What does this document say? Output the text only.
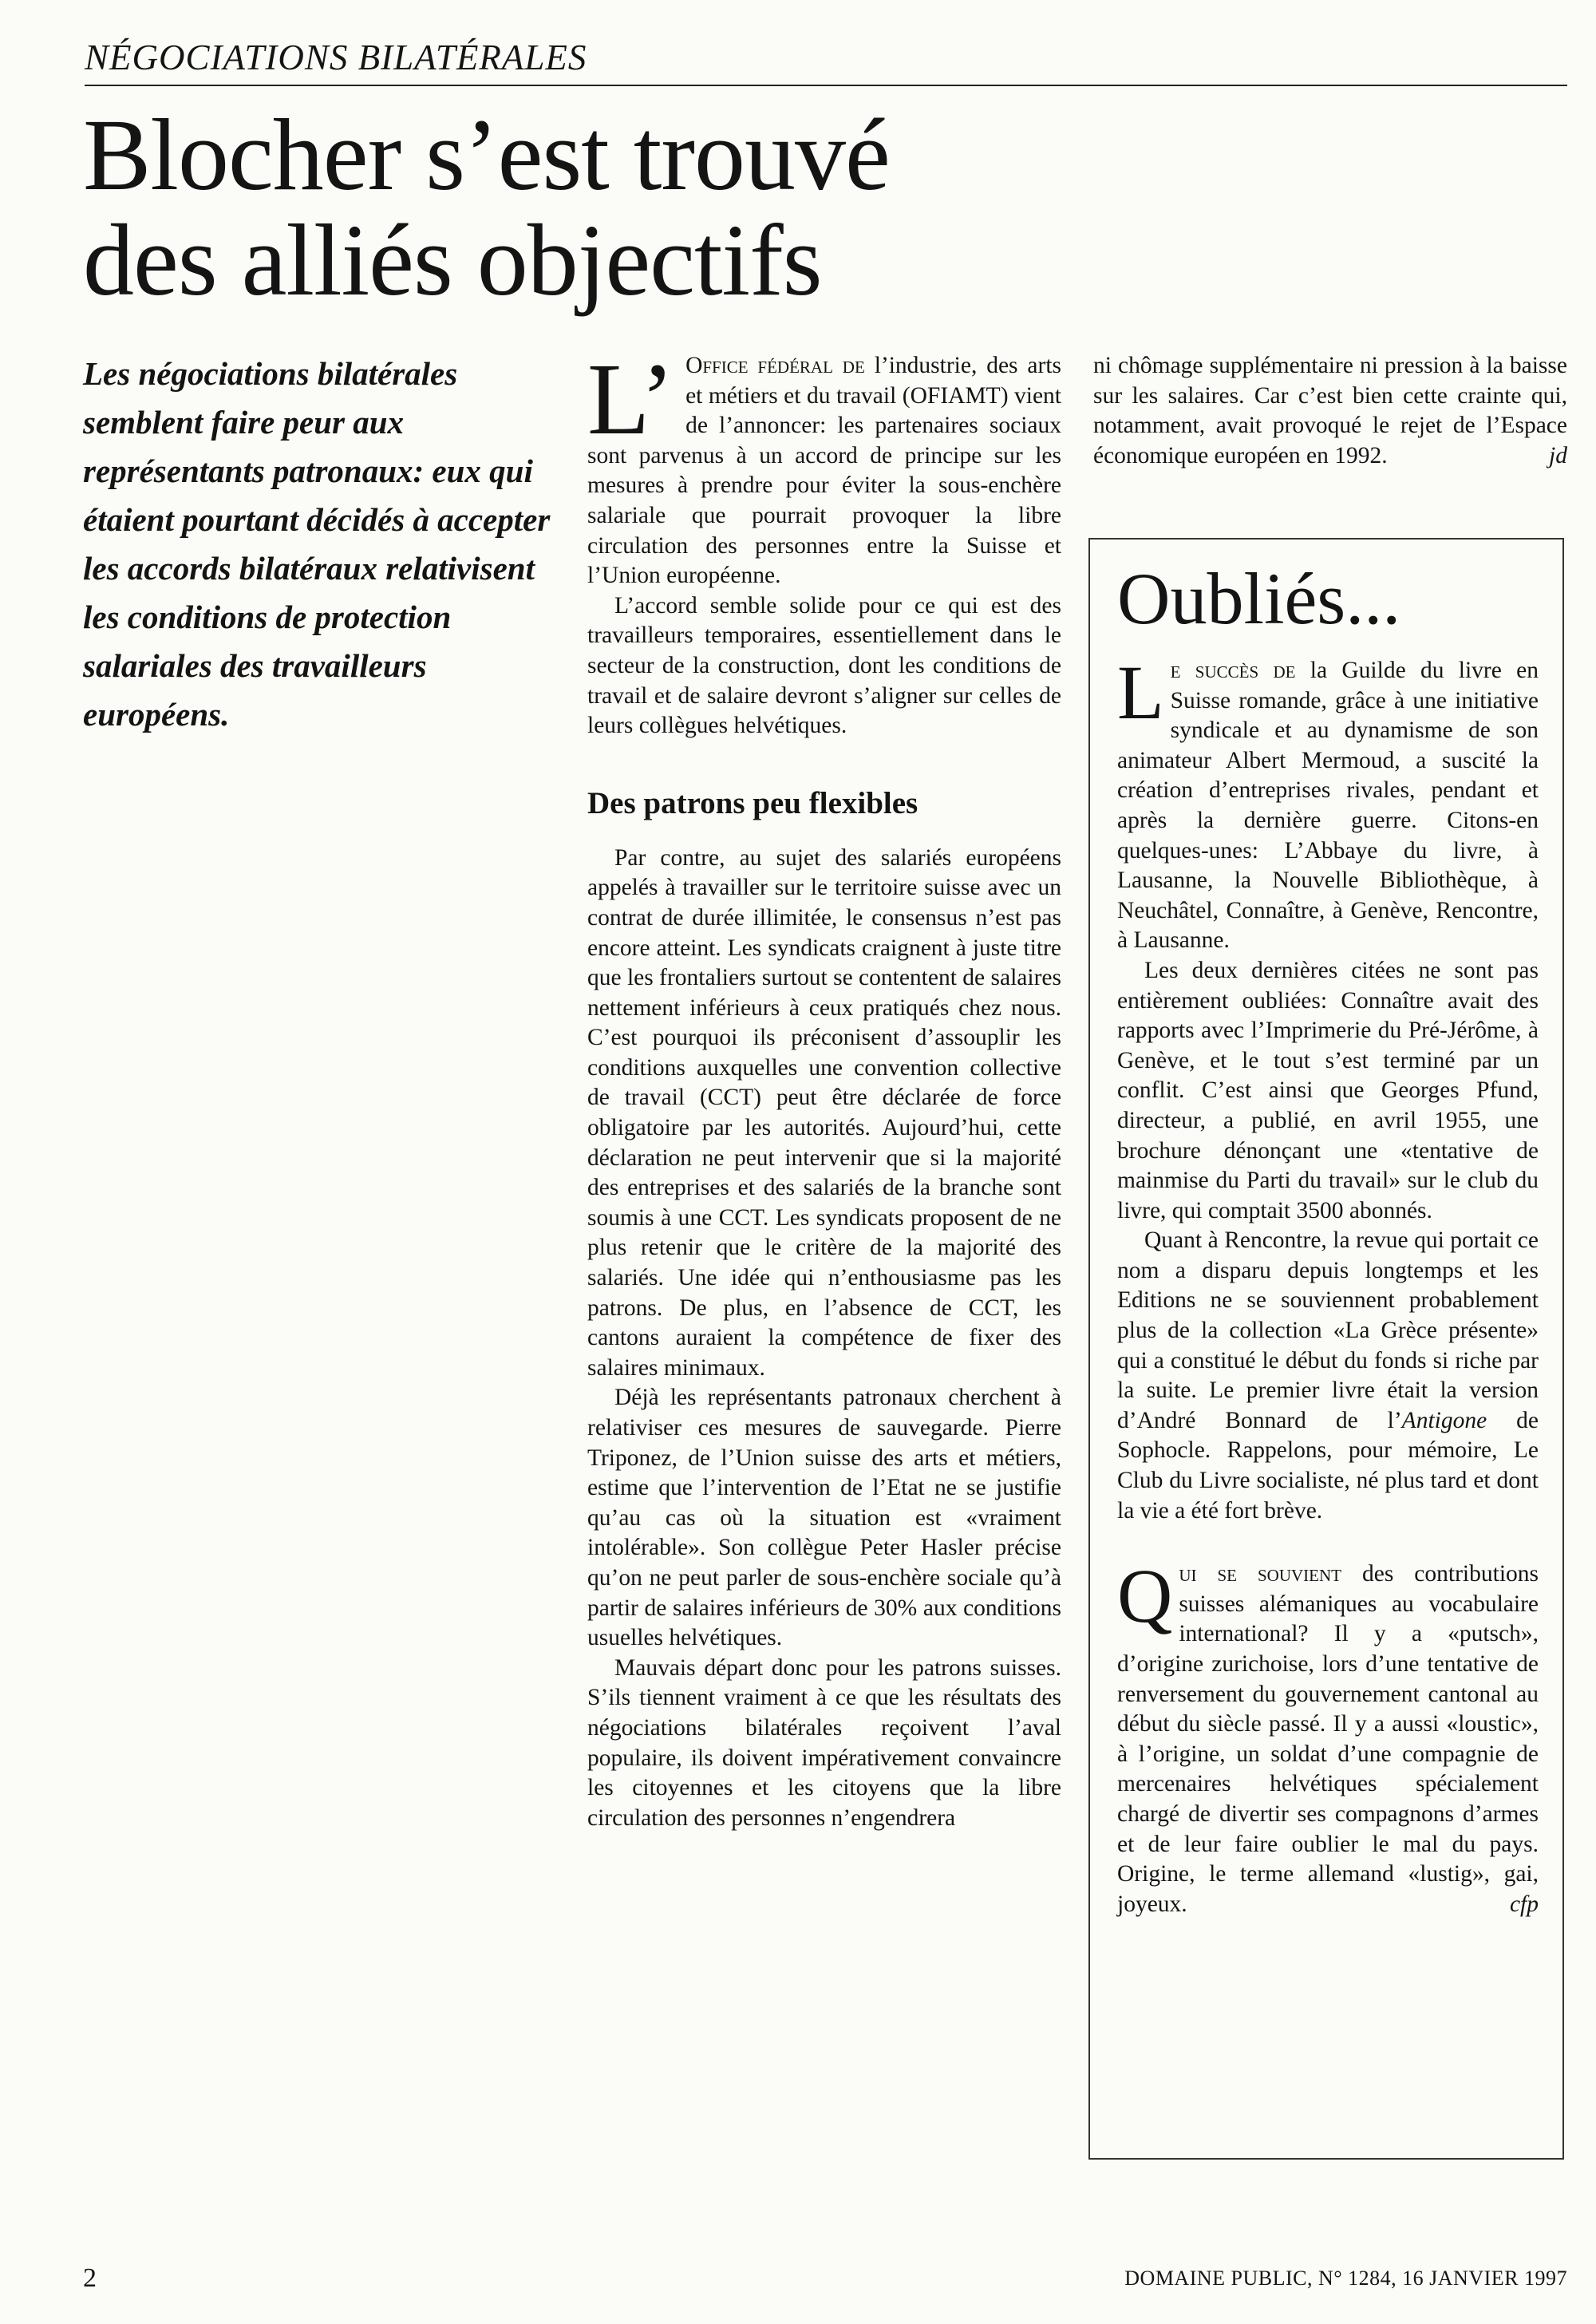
NÉGOCIATIONS BILATÉRALES
Blocher s’est trouvé
des alliés objectifs

Les négociations bilatérales semblent faire peur aux représentants patronaux: eux qui étaient pourtant décidés à accepter les accords bilatéraux relativisent les conditions de protection salariales des travailleurs européens.

L’ Office fédéral de l’industrie, des arts et métiers et du travail (OFIAMT) vient de l’annoncer: les partenaires sociaux sont parvenus à un accord de principe sur les mesures à prendre pour éviter la sous-enchère salariale que pourrait provoquer la libre circulation des personnes entre la Suisse et l’Union européenne.

L’accord semble solide pour ce qui est des travailleurs temporaires, essentiellement dans le secteur de la construction, dont les conditions de travail et de salaire devront s’aligner sur celles de leurs collègues helvétiques.

Des patrons peu flexibles

Par contre, au sujet des salariés européens appelés à travailler sur le territoire suisse avec un contrat de durée illimitée, le consensus n’est pas encore atteint. Les syndicats craignent à juste titre que les frontaliers surtout se contentent de salaires nettement inférieurs à ceux pratiqués chez nous. C’est pourquoi ils préconisent d’assouplir les conditions auxquelles une convention collective de travail (CCT) peut être déclarée de force obligatoire par les autorités. Aujourd’hui, cette déclaration ne peut intervenir que si la majorité des entreprises et des salariés de la branche sont soumis à une CCT. Les syndicats proposent de ne plus retenir que le critère de la majorité des salariés. Une idée qui n’enthousiasme pas les patrons. De plus, en l’absence de CCT, les cantons auraient la compétence de fixer des salaires minimaux.

Déjà les représentants patronaux cherchent à relativiser ces mesures de sauvegarde. Pierre Triponez, de l’Union suisse des arts et métiers, estime que l’intervention de l’Etat ne se justifie qu’au cas où la situation est «vraiment intolérable». Son collègue Peter Hasler précise qu’on ne peut parler de sous-enchère sociale qu’à partir de salaires inférieurs de 30% aux conditions usuelles helvétiques.

Mauvais départ donc pour les patrons suisses. S’ils tiennent vraiment à ce que les résultats des négociations bilatérales reçoivent l’aval populaire, ils doivent impérativement convaincre les citoyennes et les citoyens que la libre circulation des personnes n’engendrera

ni chômage supplémentaire ni pression à la baisse sur les salaires. Car c’est bien cette crainte qui, notamment, avait provoqué le rejet de l’Espace économique européen en 1992.	jd

Oubliés...

Le succès de la Guilde du livre en Suisse romande, grâce à une initiative syndicale et au dynamisme de son animateur Albert Mermoud, a suscité la création d’entreprises rivales, pendant et après la dernière guerre. Citons-en quelques-unes: L’Abbaye du livre, à Lausanne, la Nouvelle Bibliothèque, à Neuchâtel, Connaître, à Genève, Rencontre, à Lausanne.

Les deux dernières citées ne sont pas entièrement oubliées: Connaître avait des rapports avec l’Imprimerie du Pré-Jérôme, à Genève, et le tout s’est terminé par un conflit. C’est ainsi que Georges Pfund, directeur, a publié, en avril 1955, une brochure dénonçant une «tentative de mainmise du Parti du travail» sur le club du livre, qui comptait 3500 abonnés.

Quant à Rencontre, la revue qui portait ce nom a disparu depuis longtemps et les Editions ne se souviennent probablement plus de la collection «La Grèce présente» qui a constitué le début du fonds si riche par la suite. Le premier livre était la version d’André Bonnard de l’Antigone de Sophocle. Rappelons, pour mémoire, Le Club du Livre socialiste, né plus tard et dont la vie a été fort brève.

Qui se souvient des contributions suisses alémaniques au vocabulaire international? Il y a «putsch», d’origine zurichoise, lors d’une tentative de renversement du gouvernement cantonal au début du siècle passé. Il y a aussi «loustic», à l’origine, un soldat d’une compagnie de mercenaires helvétiques spécialement chargé de divertir ses compagnons d’armes et de leur faire oublier le mal du pays. Origine, le terme allemand «lustig», gai, joyeux.	cfp

2	DOMAINE PUBLIC, N° 1284, 16 JANVIER 1997
